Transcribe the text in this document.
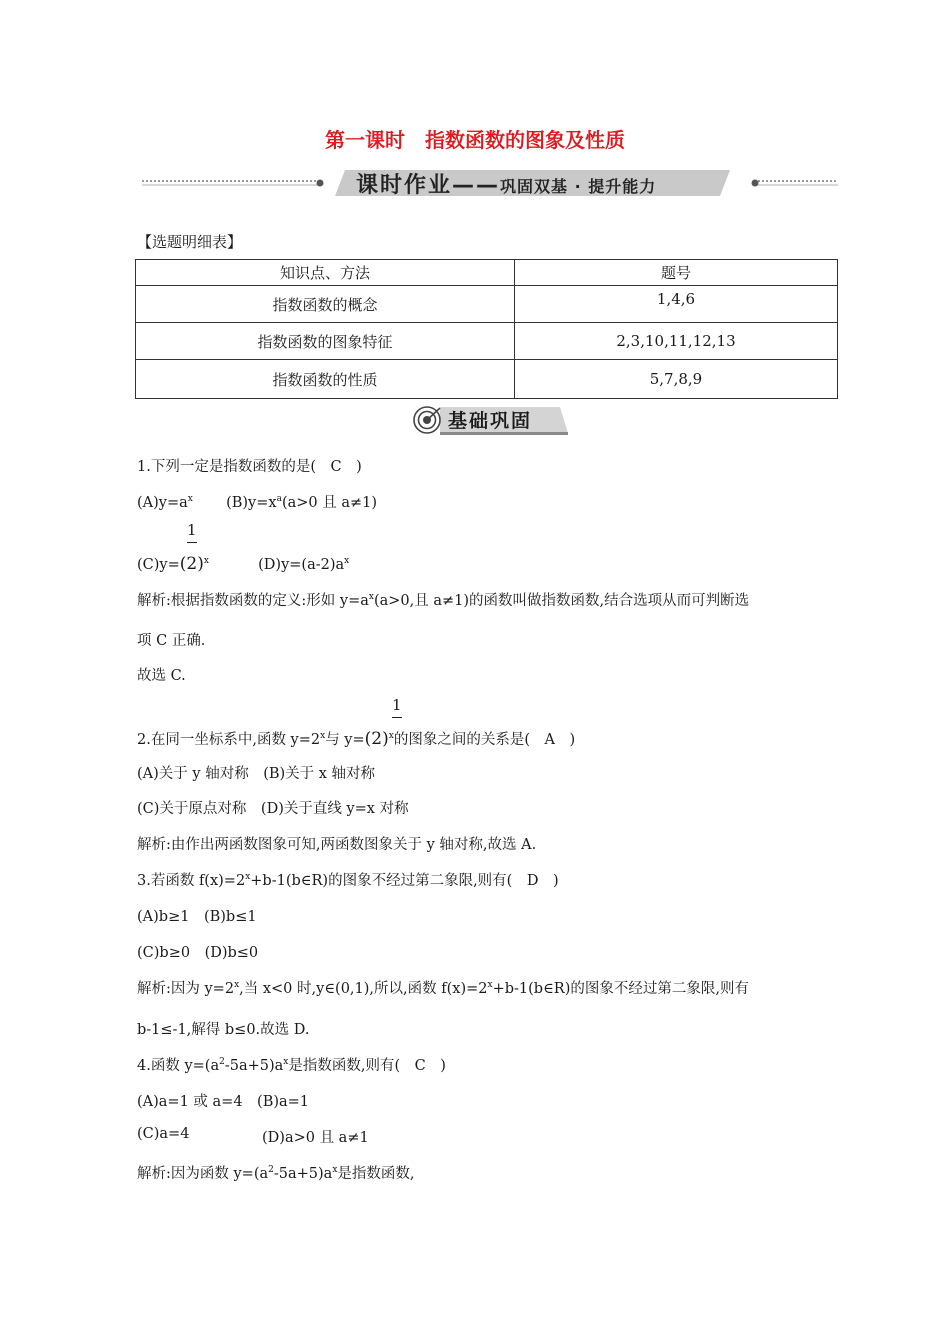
第一课时　指数函数的图象及性质
课时作业——巩固双基 · 提升能力
【选题明细表】
知识点、方法	题号
指数函数的概念	1,4,6
指数函数的图象特征	2,3,10,11,12,13
指数函数的性质	5,7,8,9
基础巩固
1.下列一定是指数函数的是(　C　)
$(A)y=a^x$ $(B)y=x^a(a>0$ 且 a≠1)
1
$(C)y=(2)^x$	$(D)y=(a-2)a^x$
解析:根据指数函数的定义:形如 $y=a^x(a>0$,且 a≠1)的函数叫做指数函数,结合选项从而可判断选
项 C 正确.
故选 C.
1
2.在同一坐标系中,函数 $y=2^x$与 $y=(2)^x$的图象之间的关系是(　A　)
(A)关于 y 轴对称　(B)关于 x 轴对称
(C)关于原点对称　(D)关于直线 y=x 对称
解析:由作出两函数图象可知,两函数图象关于 y 轴对称,故选 A.
3.若函数 $f(x)=2^x+b-1(b\in R)$的图象不经过第二象限,则有(　D　)
(A)b≥1　(B)b≤1
(C)b≥0　(D)b≤0
解析:因为 $y=2^x$,当 x<0 时,y∈(0,1),所以,函数 $f(x)=2^x+b-1(b\in R)$的图象不经过第二象限,则有
b-1≤-1,解得 b≤0.故选 D.
4.函数 $y=(a^2-5a+5)a^x$是指数函数,则有(　C　)
(A)a=1 或 a=4　(B)a=1
(C)a=4	(D)a>0 且 a≠1
解析:因为函数 $y=(a^2-5a+5)a^x$是指数函数,
